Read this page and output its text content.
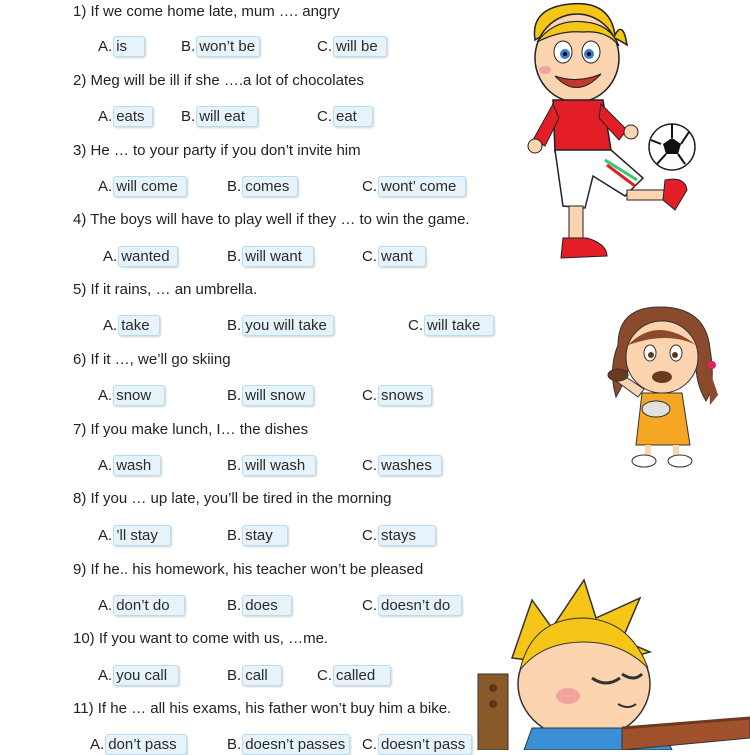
1) If we come home late, mum …. angry
A. is	B. won’t be	C. will be
2) Meg will be ill if she ….a lot of chocolates
A. eats	B. will eat	C. eat
3) He … to your party if you don’t invite him
A. will come	B. comes	C. wont’ come
4) The boys will have to play well if they … to win the game.
A. wanted	B. will want	C. want
5) If it rains, … an umbrella.
A. take	B. you will take	C. will take
6) If it …, we’ll go skiing
A. snow	B. will snow	C. snows
7) If you make lunch, I… the dishes
A. wash	B. will wash	C. washes
8) If you … up late, you’ll be tired in the morning
A. ’ll stay	B. stay	C. stays
9) If he.. his homework, his teacher won’t be pleased
A. don’t do	B. does	C. doesn’t do
10) If you want to come with us, …me.
A. you call	B. call	C. called
11) If he … all his exams, his father won’t buy him a bike.
A. don’t pass	B. doesn’t passes	C. doesn’t pass
